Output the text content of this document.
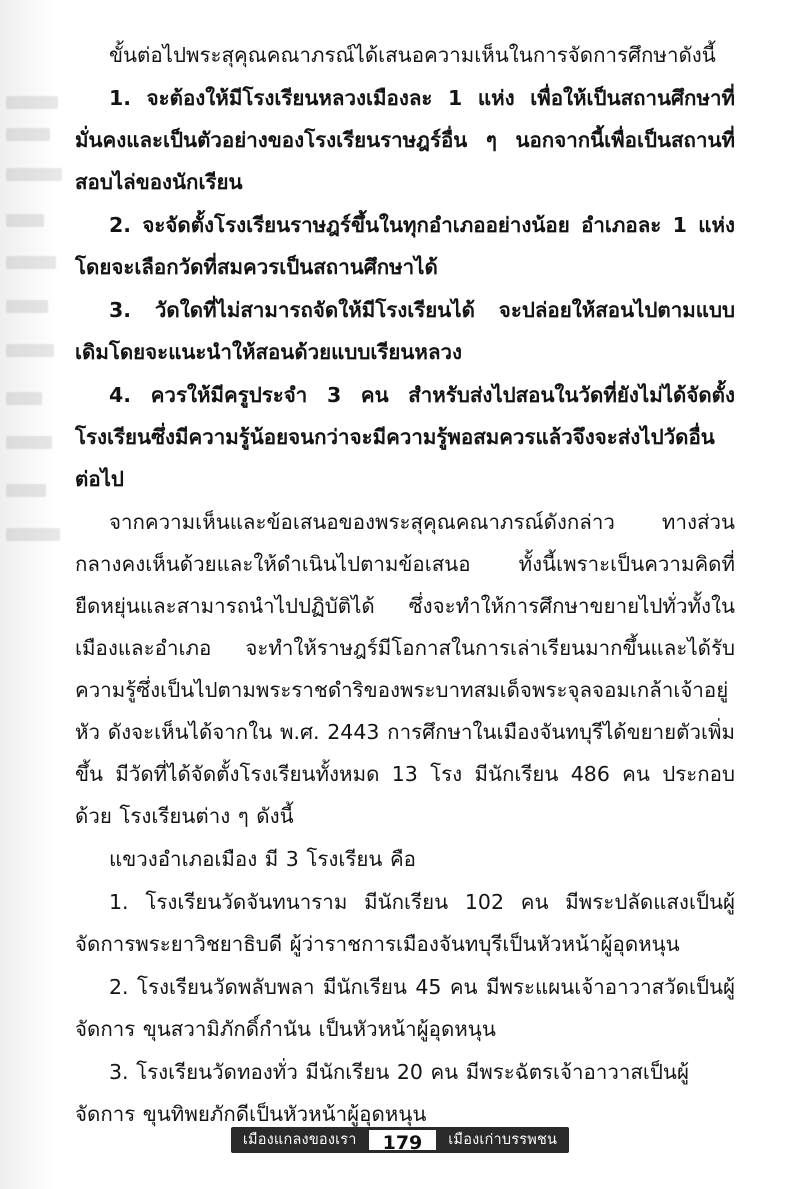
ขั้นต่อไปพระสุคุณคณาภรณ์ได้เสนอความเห็นในการจัดการศึกษาดังนี้

1. จะต้องให้มีโรงเรียนหลวงเมืองละ 1 แห่ง เพื่อให้เป็นสถานศึกษาที่มั่นคงและเป็นตัวอย่างของโรงเรียนราษฎร์อื่น ๆ นอกจากนี้เพื่อเป็นสถานที่สอบไล่ของนักเรียน

2. จะจัดตั้งโรงเรียนราษฎร์ขึ้นในทุกอำเภออย่างน้อย อำเภอละ 1 แห่ง โดยจะเลือกวัดที่สมควรเป็นสถานศึกษาได้

3. วัดใดที่ไม่สามารถจัดให้มีโรงเรียนได้ จะปล่อยให้สอนไปตามแบบเดิมโดยจะแนะนำให้สอนด้วยแบบเรียนหลวง

4. ควรให้มีครูประจำ 3 คน สำหรับส่งไปสอนในวัดที่ยังไม่ได้จัดตั้งโรงเรียนซึ่งมีความรู้น้อยจนกว่าจะมีความรู้พอสมควรแล้วจึงจะส่งไปวัดอื่นต่อไป

จากความเห็นและข้อเสนอของพระสุคุณคณาภรณ์ดังกล่าว ทางส่วนกลางคงเห็นด้วยและให้ดำเนินไปตามข้อเสนอ ทั้งนี้เพราะเป็นความคิดที่ยืดหยุ่นและสามารถนำไปปฏิบัติได้ ซึ่งจะทำให้การศึกษาขยายไปทั่วทั้งในเมืองและอำเภอ จะทำให้ราษฎร์มีโอกาสในการเล่าเรียนมากขึ้นและได้รับความรู้ซึ่งเป็นไปตามพระราชดำริของพระบาทสมเด็จพระจุลจอมเกล้าเจ้าอยู่หัว ดังจะเห็นได้จากใน พ.ศ. 2443 การศึกษาในเมืองจันทบุรีได้ขยายตัวเพิ่มขึ้น มีวัดที่ได้จัดตั้งโรงเรียนทั้งหมด 13 โรง มีนักเรียน 486 คน ประกอบด้วย โรงเรียนต่าง ๆ ดังนี้

แขวงอำเภอเมือง มี 3 โรงเรียน คือ

1. โรงเรียนวัดจันทนาราม มีนักเรียน 102 คน มีพระปลัดแสงเป็นผู้จัดการพระยาวิชยาธิบดี ผู้ว่าราชการเมืองจันทบุรีเป็นหัวหน้าผู้อุดหนุน

2. โรงเรียนวัดพลับพลา มีนักเรียน 45 คน มีพระแผนเจ้าอาวาสวัดเป็นผู้จัดการ ขุนสวามิภักดิ์กำนัน เป็นหัวหน้าผู้อุดหนุน

3. โรงเรียนวัดทองทั่ว มีนักเรียน 20 คน มีพระฉัตรเจ้าอาวาสเป็นผู้จัดการ ขุนทิพยภักดีเป็นหัวหน้าผู้อุดหนุน

เมืองแกลงของเรา	179	เมืองเก่าบรรพชน
